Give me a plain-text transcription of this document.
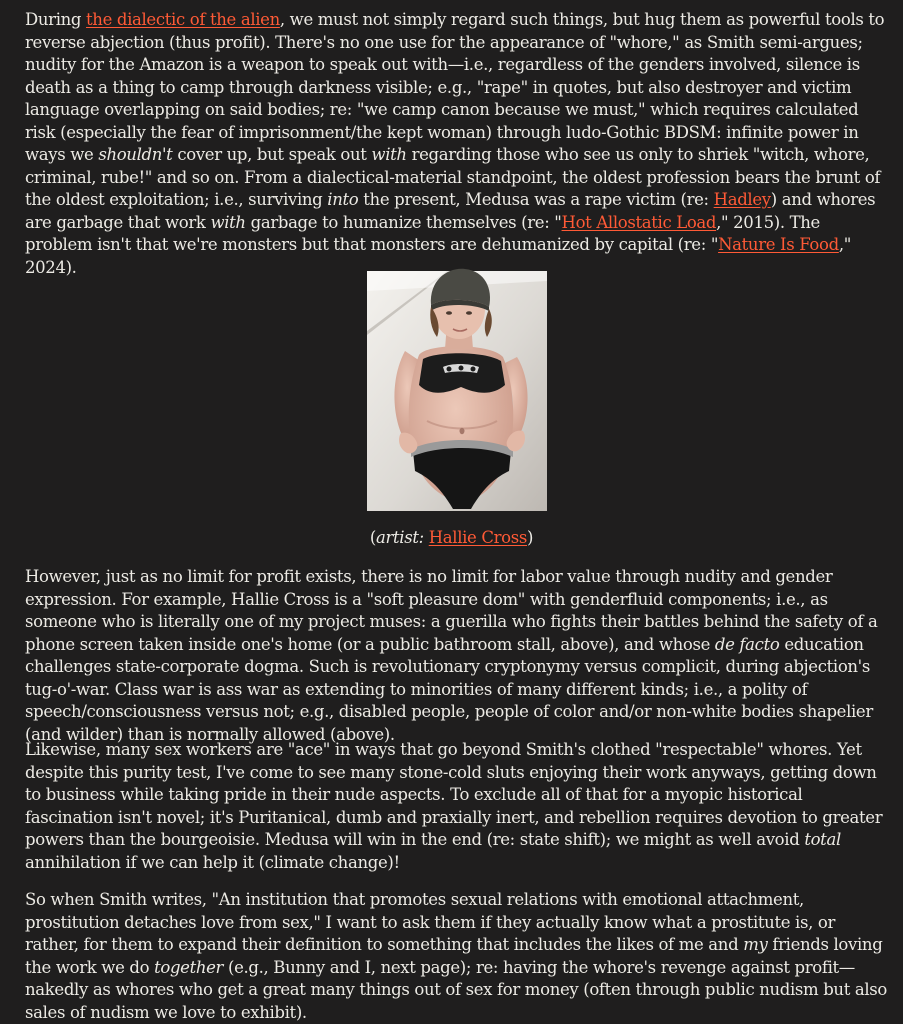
During the dialectic of the alien, we must not simply regard such things, but hug them as powerful tools to reverse abjection (thus profit). There's no one use for the appearance of "whore," as Smith semi-argues; nudity for the Amazon is a weapon to speak out with—i.e., regardless of the genders involved, silence is death as a thing to camp through darkness visible; e.g., "rape" in quotes, but also destroyer and victim language overlapping on said bodies; re: "we camp canon because we must," which requires calculated risk (especially the fear of imprisonment/the kept woman) through ludo-Gothic BDSM: infinite power in ways we shouldn't cover up, but speak out with regarding those who see us only to shriek "witch, whore, criminal, rube!" and so on. From a dialectical-material standpoint, the oldest profession bears the brunt of the oldest exploitation; i.e., surviving into the present, Medusa was a rape victim (re: Hadley) and whores are garbage that work with garbage to humanize themselves (re: "Hot Allostatic Load," 2015). The problem isn't that we're monsters but that monsters are dehumanized by capital (re: "Nature Is Food," 2024).

(artist: Hallie Cross)

However, just as no limit for profit exists, there is no limit for labor value through nudity and gender expression. For example, Hallie Cross is a "soft pleasure dom" with genderfluid components; i.e., as someone who is literally one of my project muses: a guerilla who fights their battles behind the safety of a phone screen taken inside one's home (or a public bathroom stall, above), and whose de facto education challenges state-corporate dogma. Such is revolutionary cryptonymy versus complicit, during abjection's tug-o'-war. Class war is ass war as extending to minorities of many different kinds; i.e., a polity of speech/consciousness versus not; e.g., disabled people, people of color and/or non-white bodies shapelier (and wilder) than is normally allowed (above).

Likewise, many sex workers are "ace" in ways that go beyond Smith's clothed "respectable" whores. Yet despite this purity test, I've come to see many stone-cold sluts enjoying their work anyways, getting down to business while taking pride in their nude aspects. To exclude all of that for a myopic historical fascination isn't novel; it's Puritanical, dumb and praxially inert, and rebellion requires devotion to greater powers than the bourgeoisie. Medusa will win in the end (re: state shift); we might as well avoid total annihilation if we can help it (climate change)!

So when Smith writes, "An institution that promotes sexual relations with emotional attachment, prostitution detaches love from sex," I want to ask them if they actually know what a prostitute is, or rather, for them to expand their definition to something that includes the likes of me and my friends loving the work we do together (e.g., Bunny and I, next page); re: having the whore's revenge against profit—nakedly as whores who get a great many things out of sex for money (often through public nudism but also sales of nudism we love to exhibit).
